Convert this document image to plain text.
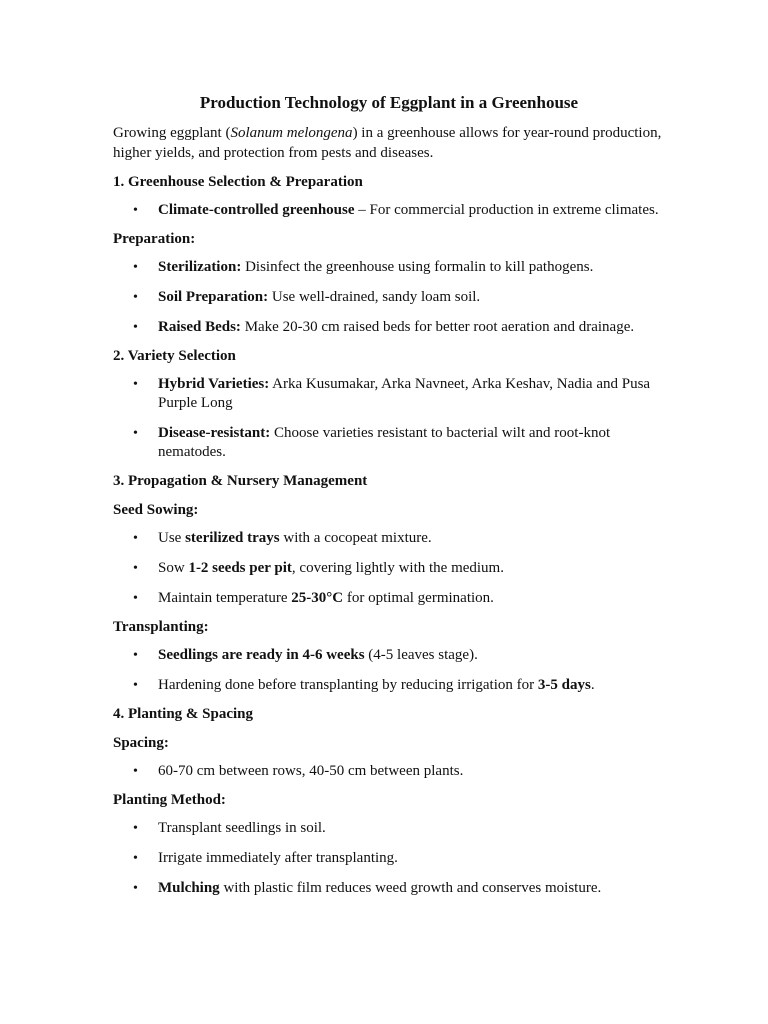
Production Technology of Eggplant in a Greenhouse

Growing eggplant (Solanum melongena) in a greenhouse allows for year-round production, higher yields, and protection from pests and diseases.

1. Greenhouse Selection & Preparation
• Climate-controlled greenhouse – For commercial production in extreme climates.
Preparation:
• Sterilization: Disinfect the greenhouse using formalin to kill pathogens.
• Soil Preparation: Use well-drained, sandy loam soil.
• Raised Beds: Make 20-30 cm raised beds for better root aeration and drainage.
2. Variety Selection
• Hybrid Varieties: Arka Kusumakar, Arka Navneet, Arka Keshav, Nadia and Pusa Purple Long
• Disease-resistant: Choose varieties resistant to bacterial wilt and root-knot nematodes.
3. Propagation & Nursery Management
Seed Sowing:
• Use sterilized trays with a cocopeat mixture.
• Sow 1-2 seeds per pit, covering lightly with the medium.
• Maintain temperature 25-30°C for optimal germination.
Transplanting:
• Seedlings are ready in 4-6 weeks (4-5 leaves stage).
• Hardening done before transplanting by reducing irrigation for 3-5 days.
4. Planting & Spacing
Spacing:
• 60-70 cm between rows, 40-50 cm between plants.
Planting Method:
• Transplant seedlings in soil.
• Irrigate immediately after transplanting.
• Mulching with plastic film reduces weed growth and conserves moisture.
